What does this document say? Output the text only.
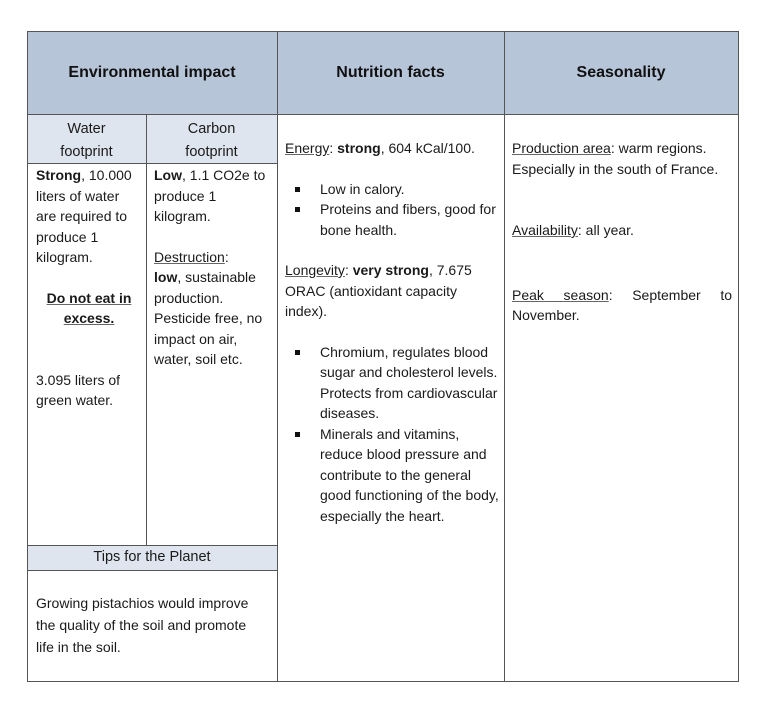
Environmental impact	Nutrition facts	Seasonality

Water
footprint

Carbon
footprint

Tips for the Planet

Strong, 10.000 liters of water are required to produce 1 kilogram.

Do not eat in excess.

3.095 liters of green water.

Low, 1.1 CO2e to produce 1 kilogram.

Destruction:
low, sustainable production. Pesticide free, no impact on air, water, soil etc.

Growing pistachios would improve the quality of the soil and promote life in the soil.

Energy: strong, 604 kCal/100.

Low in calory.
Proteins and fibers, good for bone health.

Longevity: very strong, 7.675 ORAC (antioxidant capacity index).

Chromium, regulates blood sugar and cholesterol levels. Protects from cardiovascular diseases.
Minerals and vitamins, reduce blood pressure and contribute to the general good functioning of the body, especially the heart.

Production area: warm regions. Especially in the south of France.

Availability: all year.

Peak season: September to November.
